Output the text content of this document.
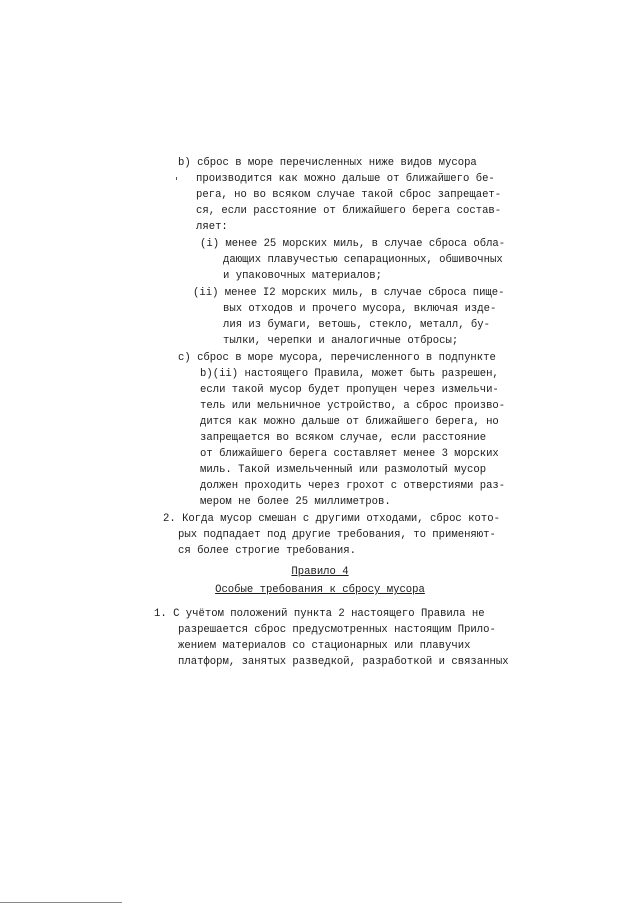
b) сброс в море перечисленных ниже видов мусора
производится как можно дальше от ближайшего бе-
рега, но во всяком случае такой сброс запрещает-
ся, если расстояние от ближайшего берега состав-
ляет:
(i) менее 25 морских миль, в случае сброса обла-
дающих плавучестью сепарационных, обшивочных
и упаковочных материалов;
(ii) менее I2 морских миль, в случае сброса пище-
вых отходов и прочего мусора, включая изде-
лия из бумаги, ветошь, стекло, металл, бу-
тылки, черепки и аналогичные отбросы;
c) сброс в море мусора, перечисленного в подпункте
b)(ii) настоящего Правила, может быть разрешен,
если такой мусор будет пропущен через измельчи-
тель или мельничное устройство, а сброс произво-
дится как можно дальше от ближайшего берега, но
запрещается во всяком случае, если расстояние
от ближайшего берега составляет менее 3 морских
миль. Такой измельченный или размолотый мусор
должен проходить через грохот с отверстиями раз-
мером не более 25 миллиметров.
2. Когда мусор смешан с другими отходами, сброс кото-
рых подпадает под другие требования, то применяют-
ся более строгие требования.
Правило 4
Особые требования к сбросу мусора
1. С учётом положений пункта 2 настоящего Правила не
разрешается сброс предусмотренных настоящим Прило-
жением материалов со стационарных или плавучих
платформ, занятых разведкой, разработкой и связанных
